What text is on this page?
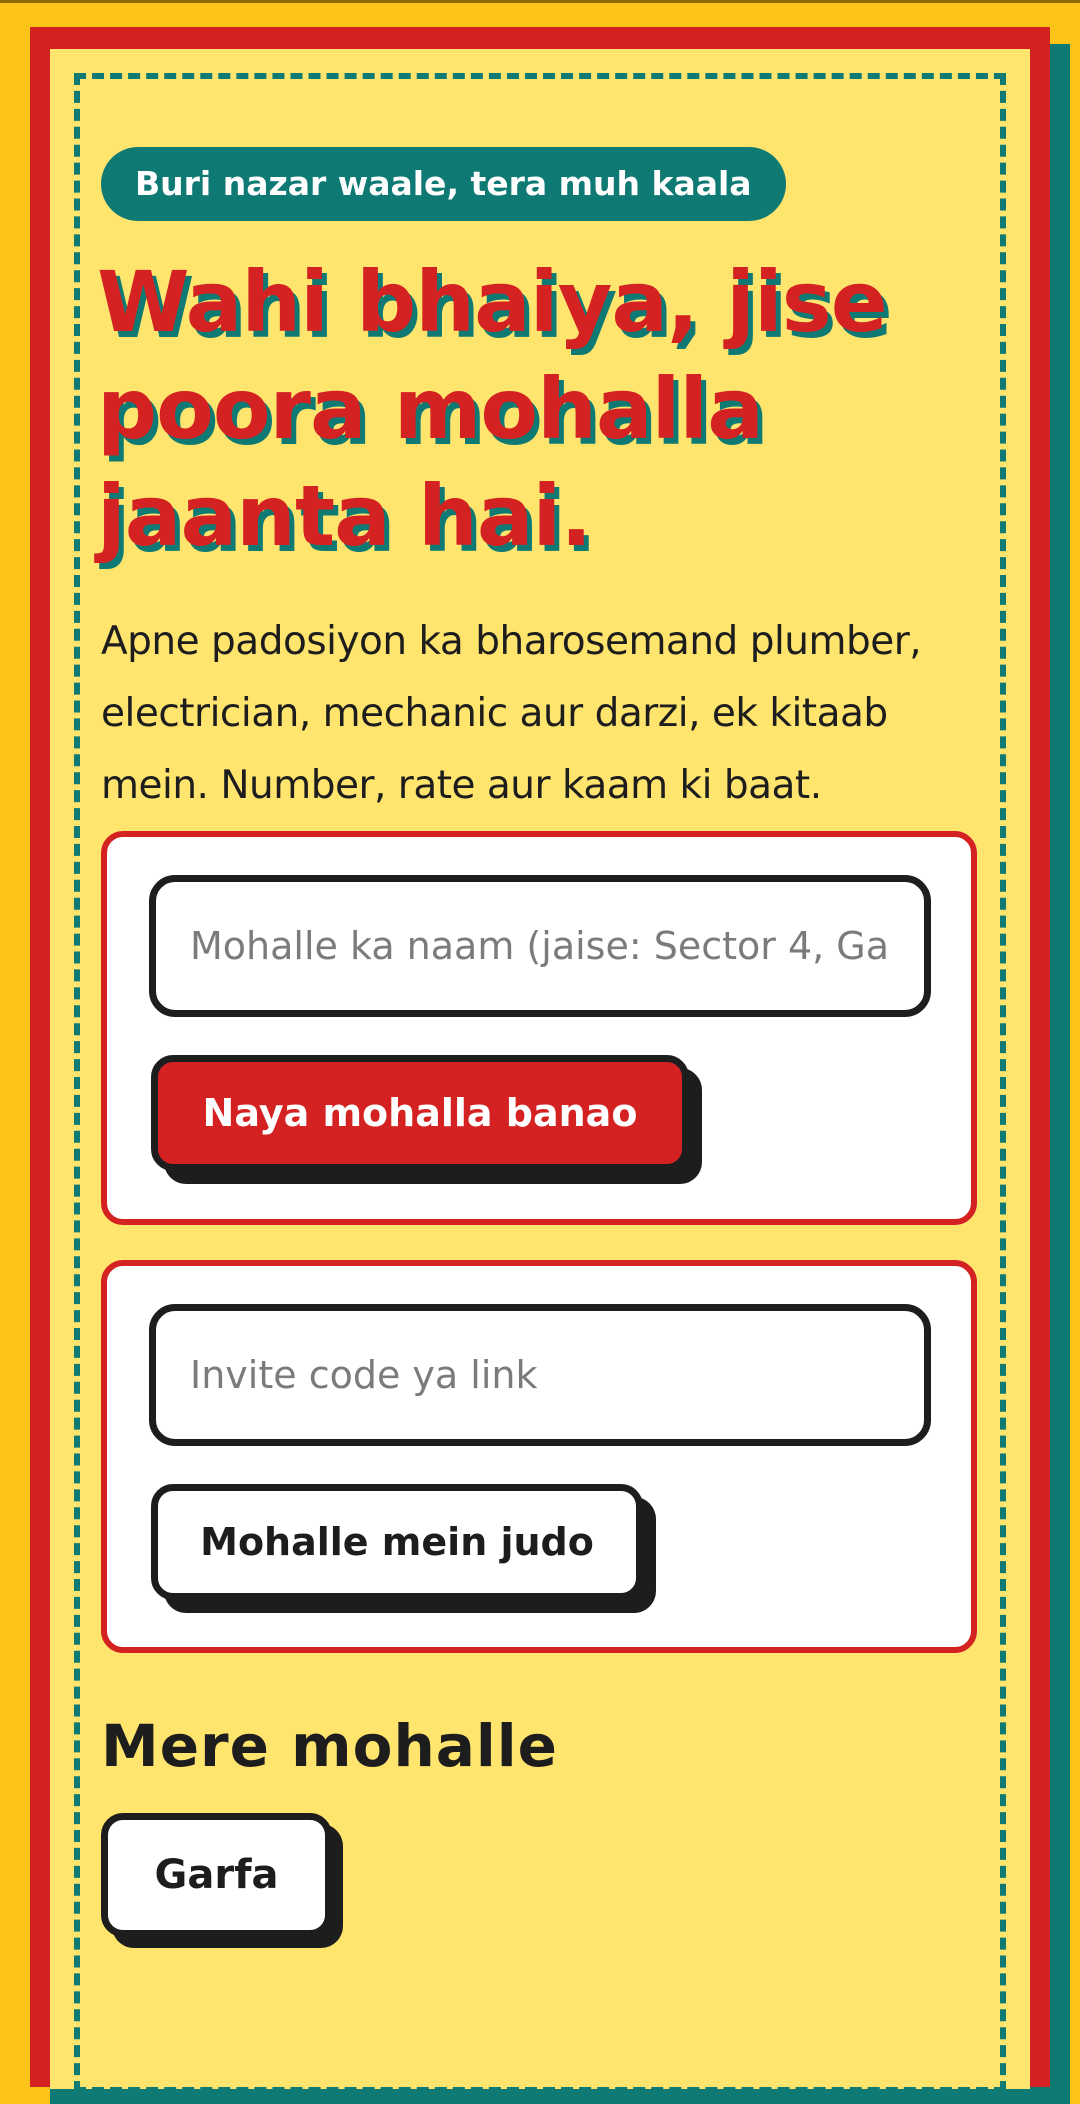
Buri nazar waale, tera muh kaala
Wahi bhaiya, jise poora mohalla jaanta hai.
Apne padosiyon ka bharosemand plumber, electrician, mechanic aur darzi, ek kitaab mein. Number, rate aur kaam ki baat.
Mohalle ka naam (jaise: Sector 4, Gali no. 2)
Naya mohalla banao
Invite code ya link
Mohalle mein judo
Mere mohalle
Garfa
